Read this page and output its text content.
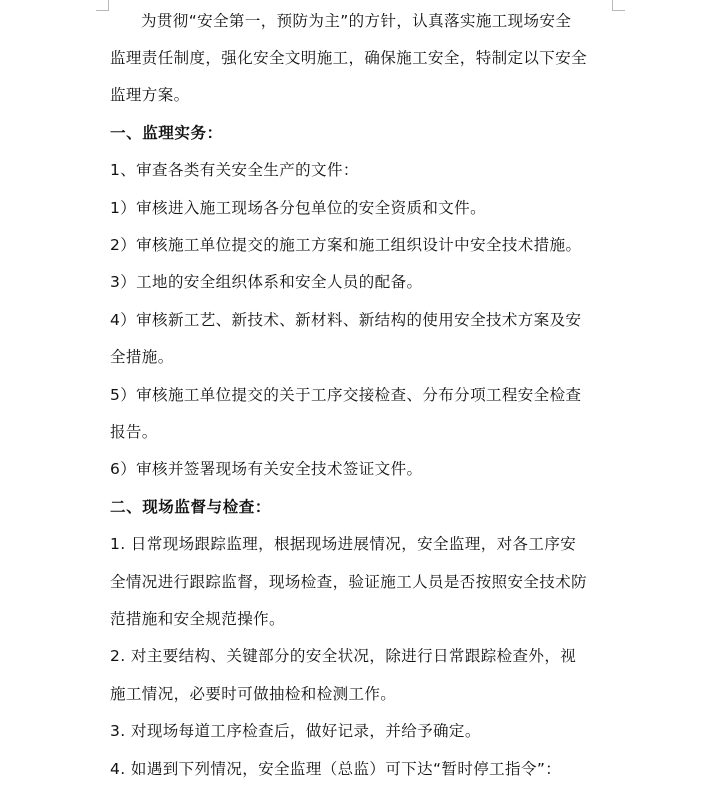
为贯彻“安全第一，预防为主”的方针，认真落实施工现场安全
监理责任制度，强化安全文明施工，确保施工安全，特制定以下安全
监理方案。
一、监理实务：
1、审查各类有关安全生产的文件：
1）审核进入施工现场各分包单位的安全资质和文件。
2）审核施工单位提交的施工方案和施工组织设计中安全技术措施。
3）工地的安全组织体系和安全人员的配备。
4）审核新工艺、新技术、新材料、新结构的使用安全技术方案及安
全措施。
5）审核施工单位提交的关于工序交接检查、分布分项工程安全检查
报告。
6）审核并签署现场有关安全技术签证文件。
二、现场监督与检查：
1. 日常现场跟踪监理，根据现场进展情况，安全监理，对各工序安
全情况进行跟踪监督，现场检查，验证施工人员是否按照安全技术防
范措施和安全规范操作。
2. 对主要结构、关键部分的安全状况，除进行日常跟踪检查外，视
施工情况，必要时可做抽检和检测工作。
3. 对现场每道工序检查后，做好记录，并给予确定。
4. 如遇到下列情况，安全监理（总监）可下达“暂时停工指令”：
